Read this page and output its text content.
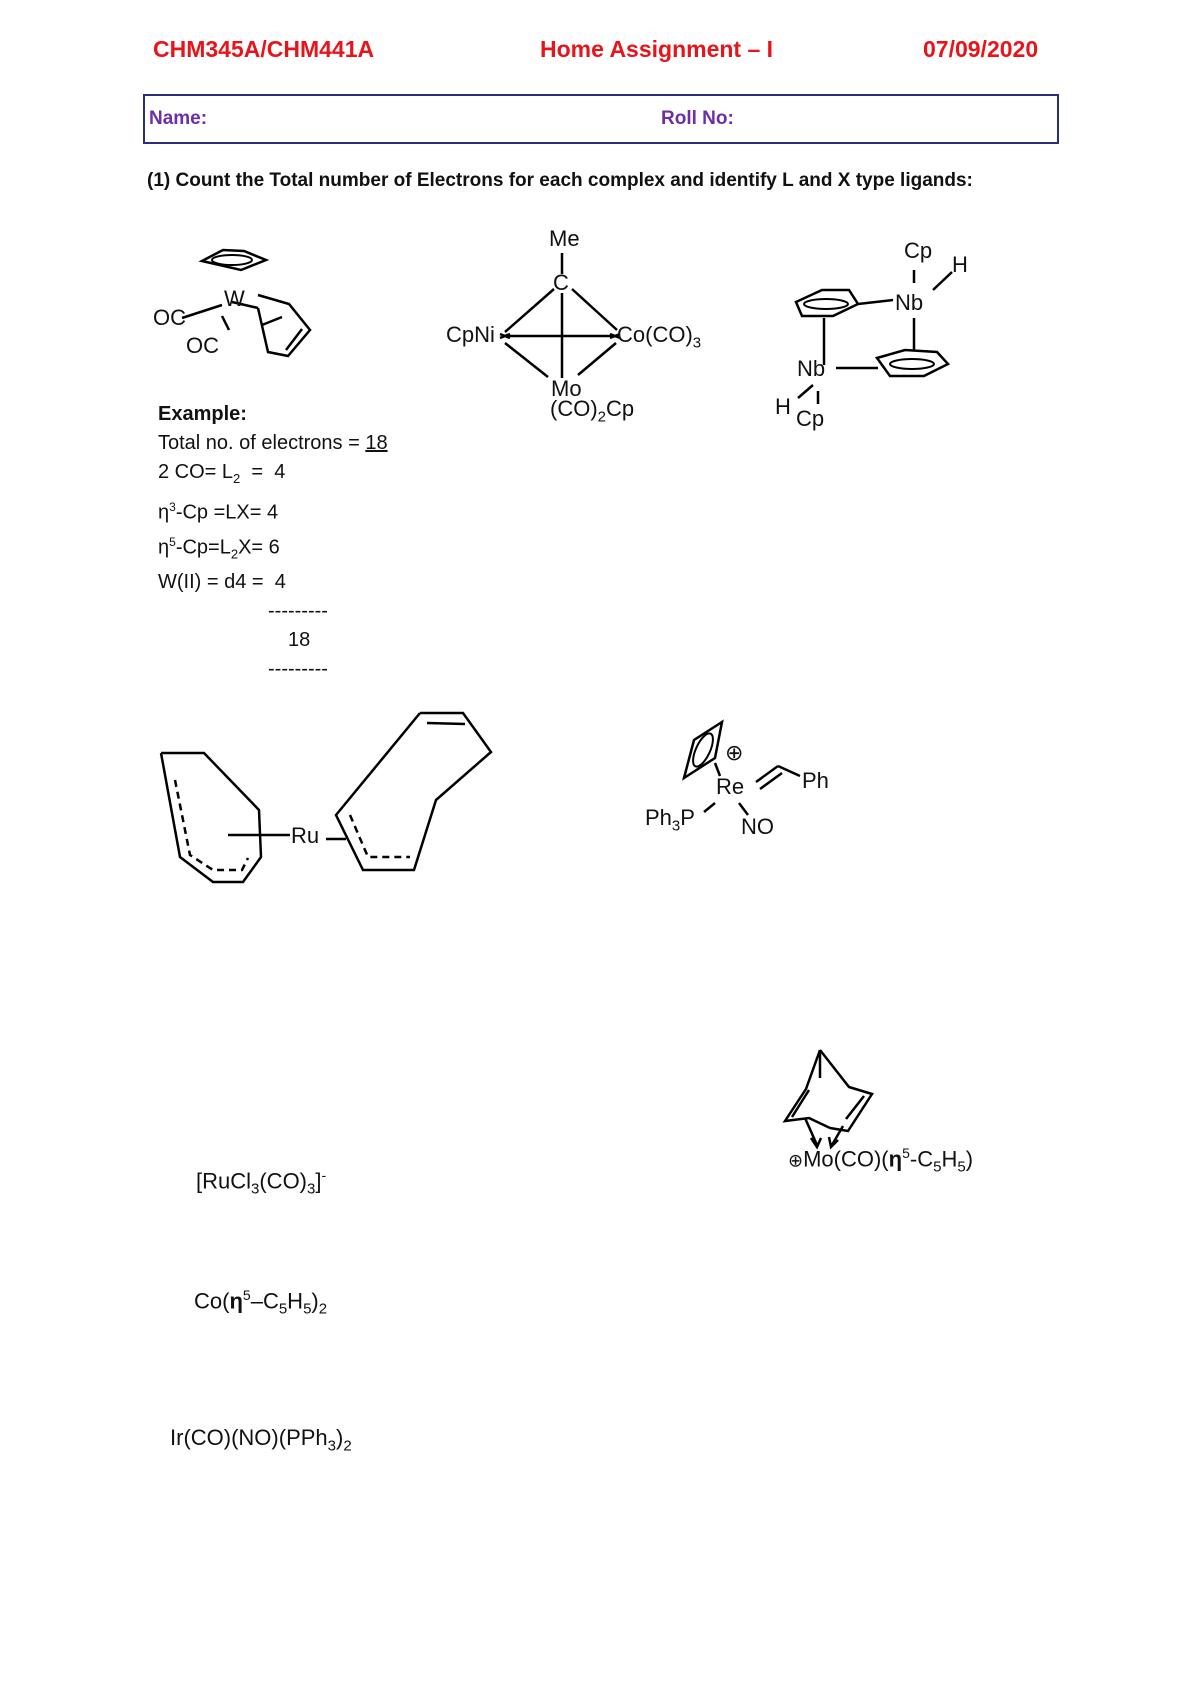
CHM345A/CHM441A	Home Assignment – I	07/09/2020
Name:	Roll No:
(1) Count the Total number of Electrons for each complex and identify L and X type ligands:
W
OC
OC
Me
C
CpNi	$Co(CO)_3$
Mo
$(CO)_2Cp$
Cp
H
Nb
Nb
H Cp
Example:
Total no. of electrons = 18
2 $CO= L_2 = 4$
$\eta^3-Cp =LX= 4$
$\eta^5-Cp=L_2X= 6$
W(II) = d4 =  4
---------
18
---------
Ru
⊕
Re	Ph
$Ph_3P$ NO
$\oplus Mo(CO)(\eta^5-C_5H_5)$
$[RuCl_3(CO)_3]^-$
$Co(\eta^5-C_5H_5)_2$
$Ir(CO)(NO)(PPh_3)_2$
